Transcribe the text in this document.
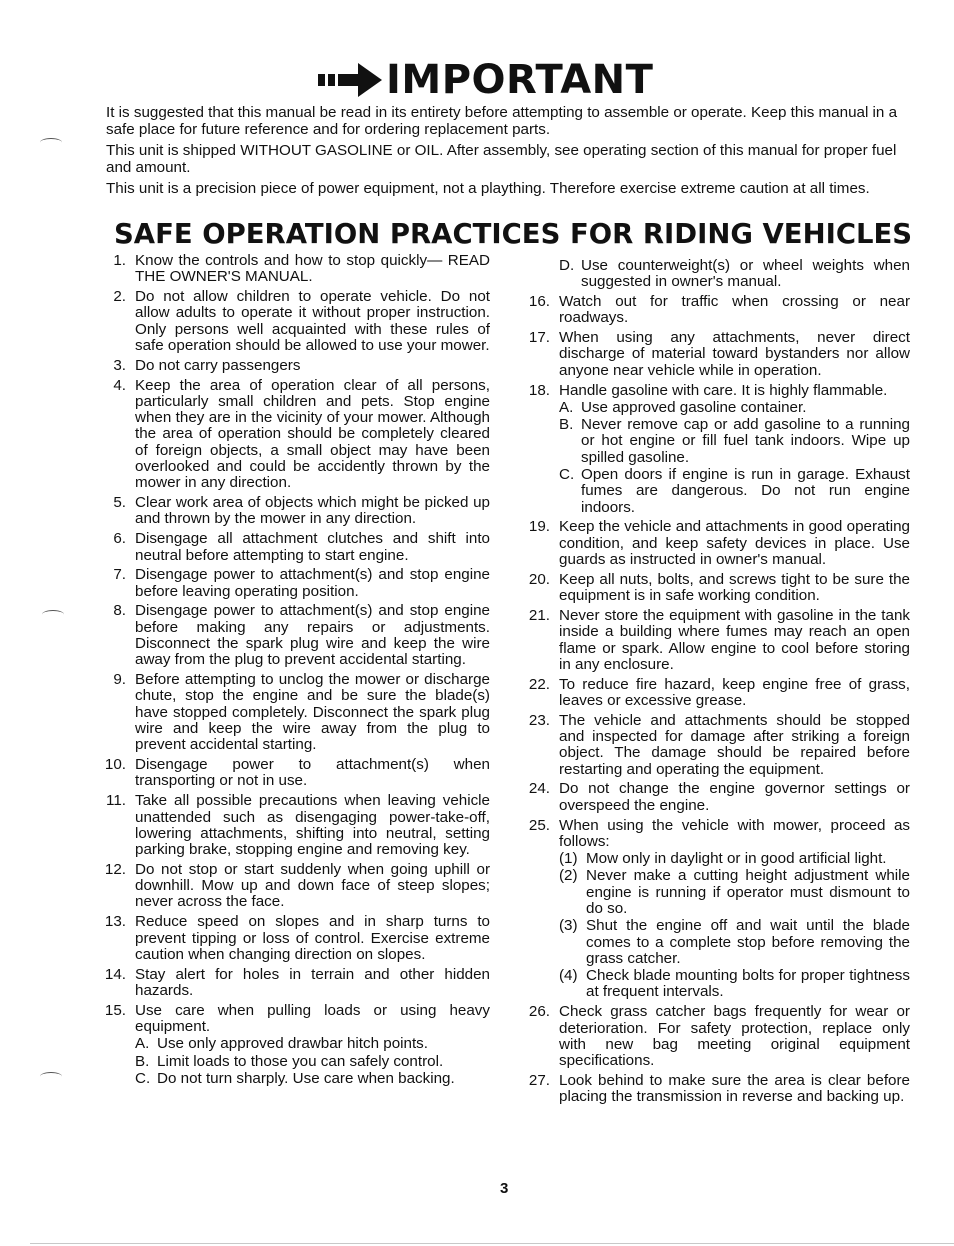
IMPORTANT

It is suggested that this manual be read in its entirety before attempting to assemble or operate. Keep this manual in a safe place for future reference and for ordering replacement parts.

This unit is shipped WITHOUT GASOLINE or OIL. After assembly, see operating section of this manual for proper fuel and amount.

This unit is a precision piece of power equipment, not a plaything. Therefore exercise extreme caution at all times.

SAFE OPERATION PRACTICES FOR RIDING VEHICLES
1. Know the controls and how to stop quickly— READ THE OWNER'S MANUAL.
2. Do not allow children to operate vehicle. Do not allow adults to operate it without proper instruction. Only persons well acquainted with these rules of safe operation should be allowed to use your mower.
3. Do not carry passengers
4. Keep the area of operation clear of all persons, particularly small children and pets. Stop engine when they are in the vicinity of your mower. Although the area of operation should be completely cleared of foreign objects, a small object may have been overlooked and could be accidently thrown by the mower in any direction.
5. Clear work area of objects which might be picked up and thrown by the mower in any direction.
6. Disengage all attachment clutches and shift into neutral before attempting to start engine.
7. Disengage power to attachment(s) and stop engine before leaving operating position.
8. Disengage power to attachment(s) and stop engine before making any repairs or adjustments. Disconnect the spark plug wire and keep the wire away from the plug to prevent accidental starting.
9. Before attempting to unclog the mower or discharge chute, stop the engine and be sure the blade(s) have stopped completely. Disconnect the spark plug wire and keep the wire away from the plug to prevent accidental starting.
10. Disengage power to attachment(s) when transporting or not in use.
11. Take all possible precautions when leaving vehicle unattended such as disengaging power-take-off, lowering attachments, shifting into neutral, setting parking brake, stopping engine and removing key.
12. Do not stop or start suddenly when going uphill or downhill. Mow up and down face of steep slopes; never across the face.
13. Reduce speed on slopes and in sharp turns to prevent tipping or loss of control. Exercise extreme caution when changing direction on slopes.
14. Stay alert for holes in terrain and other hidden hazards.
15. Use care when pulling loads or using heavy equipment.
A. Use only approved drawbar hitch points.
B. Limit loads to those you can safely control.
C. Do not turn sharply. Use care when backing.
D. Use counterweight(s) or wheel weights when suggested in owner's manual.
16. Watch out for traffic when crossing or near roadways.
17. When using any attachments, never direct discharge of material toward bystanders nor allow anyone near vehicle while in operation.
18. Handle gasoline with care. It is highly flammable.
A. Use approved gasoline container.
B. Never remove cap or add gasoline to a running or hot engine or fill fuel tank indoors. Wipe up spilled gasoline.
C. Open doors if engine is run in garage. Exhaust fumes are dangerous. Do not run engine indoors.
19. Keep the vehicle and attachments in good operating condition, and keep safety devices in place. Use guards as instructed in owner's manual.
20. Keep all nuts, bolts, and screws tight to be sure the equipment is in safe working condition.
21. Never store the equipment with gasoline in the tank inside a building where fumes may reach an open flame or spark. Allow engine to cool before storing in any enclosure.
22. To reduce fire hazard, keep engine free of grass, leaves or excessive grease.
23. The vehicle and attachments should be stopped and inspected for damage after striking a foreign object. The damage should be repaired before restarting and operating the equipment.
24. Do not change the engine governor settings or overspeed the engine.
25. When using the vehicle with mower, proceed as follows:
(1) Mow only in daylight or in good artificial light.
(2) Never make a cutting height adjustment while engine is running if operator must dismount to do so.
(3) Shut the engine off and wait until the blade comes to a complete stop before removing the grass catcher.
(4) Check blade mounting bolts for proper tightness at frequent intervals.
26. Check grass catcher bags frequently for wear or deterioration. For safety protection, replace only with new bag meeting original equipment specifications.
27. Look behind to make sure the area is clear before placing the transmission in reverse and backing up.
3
